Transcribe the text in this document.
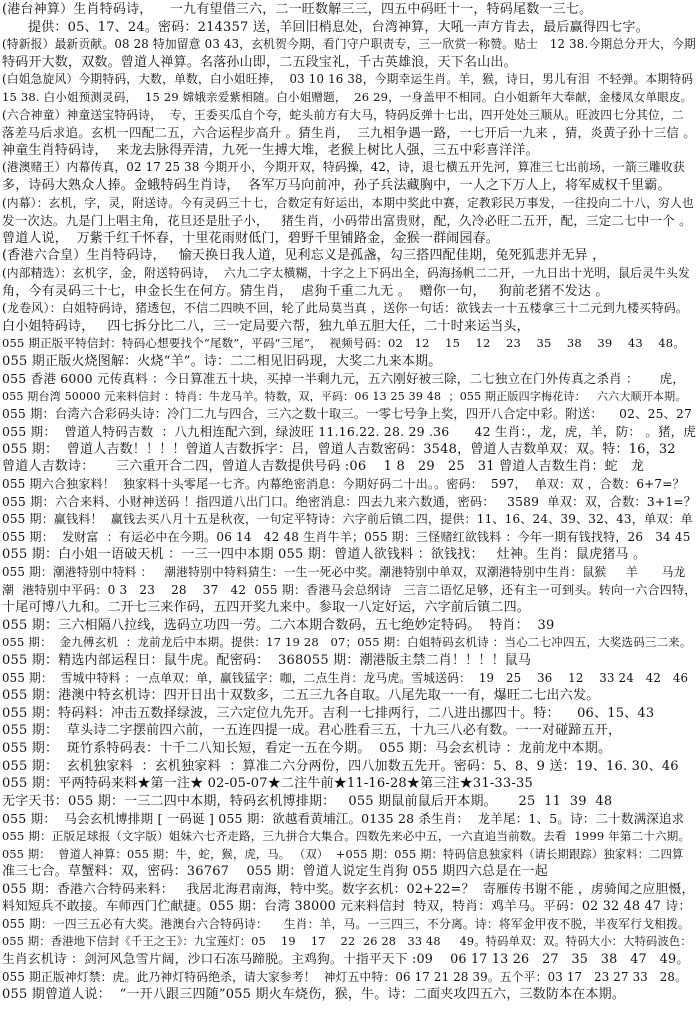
(港台神算）生肖特码诗，    一九有望借三六，二一旺数解三三，四五中码旺十一，特码尾数一三七。
提供：05、17、24。密码：214357 送，羊回旧梢息处，台湾神算，大吼一声方肯去，最后赢得四七字。
(特新报）最新贡献。08 28 特加留意 03 43，玄机贺今期，看门守户职责专，三一欣赏一称赞。贴士   12 38.今期总分开大，今期
特码开大数，双数。曾道人禅算。名落孙山即，二五段宝礼，千古英雄浪，天下名山出。
(白姐急旋风）今期特码，大数，单数，白小姐旺捧，  03 10 16 38，今期幸运生肖。羊，猴，诗日，男儿有泪  不轻弹。本期特码
15 38. 白小姐预测灵码，  15 29 嫦娥亲爱紫相随。白小姐赠题，  26 29，一身盖甲不相同。白小姐新年大奉献，金楼凤女单眼皮。
(六合神童）神童送宝特码诗，  专，王委买瓜自个夸，蛇头前方有大马，特码反弹十七出，四开处处三顺从。旺波四七分其位，二
落差马后求追。玄机一四配二五，六合运程步高升 。猜生肖，  三九相争遇一路，一七开后一九来 ，猜，炎黄子孙十三信 。
神童生肖特码诗，  来龙去脉得弄清，九死一生搏大堆，老猴上树比人强，三五中彩喜洋洋。
(港澳赌王）内幕传真，02 17 25 38 今期开小，今期开双，特码操，42，诗，退七横五开先河，算准三七出前场，一箭三雕收获
多，诗码大熟众人捧。金蛾特码生肖诗，  各军万马向前冲，孙子兵法藏胸中，一人之下万人上，将军威权千里霸。
(内幕）：玄机，字，灵，附送诗。今有灵码三十七，合数定有好运出，本期中奖此中赛，定教彩民万事发，一往投向二十八，穷人也
发一次达。九是门上唱主角，花旦还是肚子小，   猪生肖，小码带出富贵财，配，久冷必旺二五开，配，三定二七中一个 。
曾道人说，  万紫千红千怀春，十里花雨财低门，碧野千里铺路金，金猴一群闹园春。
(香港六合皇）生肖特码诗，   愉天换日我人道，见利忘义是孤盏，勾三搭四配佳期，兔死狐悲并无异 ，
(内部精选）：玄机字，金，附送特码诗，  六九二字太横糊，十字之上下码出全，码海扬帆二二开，一九日出十光明，鼠后灵牛头发
角，今有灵码三十七，申金长生在何方。猜生肖，  虐狗千重二九无 。  赠你一句，   狗前老猪不发达 。
(龙卷风）：白姐特码诗，猪透包，不信二四映不回，轮了此局莫当真 ，送你一句话：欲钱去一十五楼拿三十二元到九楼买特码。
白小姐特码诗，   四七拆分比二八，三一定局要六帮，独九单五胆大任，二十时来运当头，
055 期正版平特信封：特码心想要找个“尾数”，平码“三尾”，  视频号码：02   12    15    12    23    35    38    39    43    48。
055 期正版火烧图解：火烧“羊”。诗：二二相见旧码现，大奖二九来本期。
055 香港 6000 元传真料 ：今日算准五十块，买掉一半剩九元，五六刚好被三除，二七独立在门外传真之杀肖 ：     虎，
055 期台湾 50000 元来料信封 ：特肖：牛龙马羊。特数，双，平码：06 13 25 39 48  ；055 期正版四字梅花诗：   六六大顺开本期。
055 期：台湾六合彩码头诗：冷门二九与四合，三六之数十取三。一零七号争上奖，四开八合定中彩。附送：    02、25、27
055 期：  曾道人特码吉数  ：八九相连配六到，绿波旺 11.16.22. 28. 29 .36      42 生肖：，龙，虎，羊，防： 。猪，虎
055 期：  曾道人吉数！！！！曾道人吉数拆字：吕，曾道人吉数密码：3548，曾道人吉数单双：双。特：16，32
曾道人吉数诗：     三六重开合二四，曾道人吉数提供号码 :06    1 8   29   25   31 曾道人吉数生肖：蛇   龙
055 期六合独家料！  独家料十头零尾一七齐。内幕绝密消息：今期好码二十出。。密码：  597，  单双：双 ，合数：6+7=？
055 期：六合来料、小财神送码 ！指四道八出门口。绝密消息：四去九来六数通，密码：   3589  单双：双，合数：3+1=？
055 期：赢钱料！  赢钱去买八月十五是秋夜，一句定平特诗：六字前后镇二四，提供：11、16、24、39、32、43，单双：单
055 期：  发财富  ：有运必中在今期。06 14   42 48 生肖牛羊；055 期：三怪赌红欲钱料 ：今年一期有钱找特，26   34 45
055 期：白小姐一语破天机 ：一三一四中本期 055 期：曾道人欲钱料 ：欲钱找：   灶神。生肖：鼠虎猪马 。
055 期：潮港特别中特料 ：   潮港特别中特料猜生：一生一死必中奖。潮港特别中单双，双潮港特别中生肖：鼠猴     羊      马龙
潮  港特别中平码：0 3   23    28    37   42  055 期：香港马会总纲诗   三言二语忆足够，还有主一可到头。转向一六合四特，
十尾可博八九和。二开七三来作码，五四开奖九来中。参取一八定好运，六字前后镇二四。
055 期：三六相隔八拉线，选码立功四一劳。二六本期合数码，五七绝妙定特码。  特肖：  39
055 期：  金九傅玄机  ：龙前龙后中本期。提供：17 19 28   07；055 期：白姐特码玄机诗 ：当心二七冲四五，大奖选码三二来。
055 期：精选内部运程日：鼠牛虎。配密码：  368055 期：潮港版主禁二肖！！！！鼠马
055 期：  雪城中特料 ：一点单双：单，赢钱猛字：咖，二点生肖：龙马虎。雪城送码：  19   25    36    12    33 24   42   46
055 期：港澳中特玄机诗：四开日出十双数多，二五三九各自取。八尾先取一一有，爆旺二七出六发。
055 期：特码料：冲击五数择绿波，三六定位九先开。吉利一七排两行，二八进出挪四十。特：    06、15、43
055 期：  草头诗二字摆前四六前，一五连四提一成。君心胜看三五，十九三八必有数。一一对碰蹄五开，
055 期：  斑竹系特码表：十千二八知长短，看定一五在今期。  055 期：马会玄机诗 ：龙前龙中本期。
055 期：  玄机独家料  ：玄机独家料  ：算准二六分两份，四八加数五先开。密码：5、8、9 送：19、16. 30、46
055 期：平两特码来料★第一注★ 02-05-07★二注牛前★11-16-28★第三注★31-33-35
无字天书：055 期：一三二四中本期，特码玄机博排期：   055 期鼠前鼠后开本期。     25  11  39  48
055 期：  马会玄机博排期 [ 一码诞 ] 055 期：欲越看黄埔江。0135 28 杀生肖：  龙羊尾：1、5。诗：二十数满深追求
055 期：正版足球报（文字版）姐妹六七齐走路，三九拼合大集合。四数先来必中五，一六直追当前数。去看  1999 年第二十六期。
055 期：  曾道人神算：055 期：牛，蛇，猴，虎，马。 （双）  +055 期：055 期：特码信息独家料（请长期跟踪）独家料：二四算
准三七合。草蟹料：双，密码：36767    055 期：曾道人说定生肖狗 055 期四六总是在一起
055 期：香港六合特码来料：   我居北海君南海，特中奖。数字玄机：02+22=？  寄雁传书谢不能 ，虏骑闻之应胆慑，
料知短兵不敢接。车师西门伫献捷。055 期：台湾 38000 元来料信封  特双，特肖：鸡羊马。平码：02 32 48 47 诗：
055 期：一四三五必有大奖。港澳台六合特码诗：    生肖：羊，马。一三四三，不分离。诗：将军金甲夜不脱，半夜军行戈相拨。
055 期：香港地下信封《千王之王》：九宝莲灯：05    19    17    22  26 28   33 48     49。特码单双：双。特码大小：大特码波色：
生肖玄机诗 ：剑河风急雪片阔，沙口石冻马蹄脱。主鸡狗。十指平天下 :09    06 17 13 26   27   35   38   47   49。
055 期正版神灯禁：虎。此乃神灯特码绝杀，请大家参考！  神灯五中特：06 17 21 28 39。五个平：03 17   23 27 33   28。
055 期曾道人说：  “一开八跟三四随”055 期火车烧伤，猴，牛。诗：二面夹攻四五六，三数防本在本期。
